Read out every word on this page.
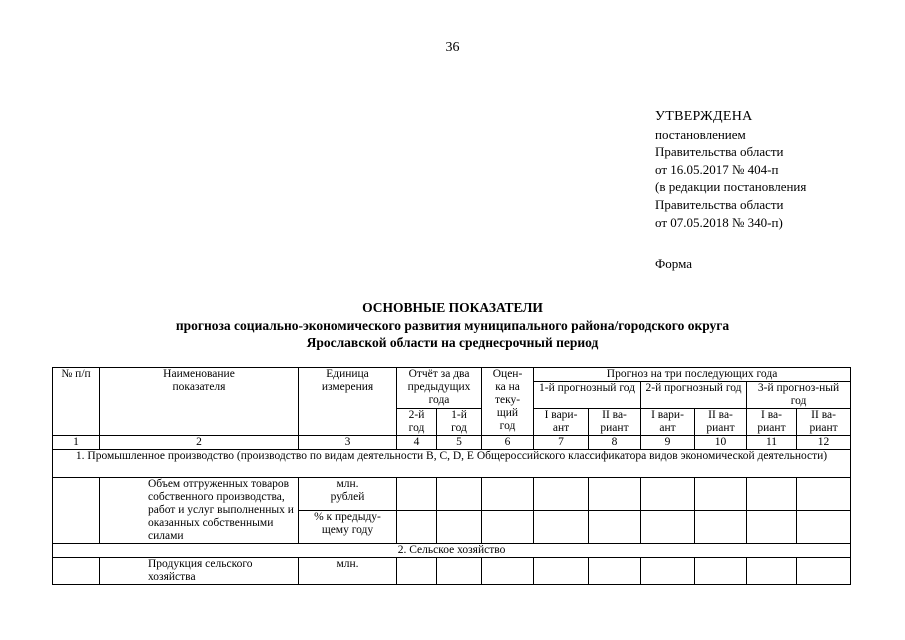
36
УТВЕРЖДЕНА
постановлением
Правительства области
от 16.05.2017 № 404-п
(в редакции постановления
Правительства области
от 07.05.2018 № 340-п)
Форма
ОСНОВНЫЕ ПОКАЗАТЕЛИ
прогноза социально-экономического развития муниципального района/городского округа
Ярославской области на среднесрочный период
№ п/п	Наименование показателя	Единица измерения	Отчёт за два предыдущих года		Оцен-ка на теку-щий год	Прогноз на три последующих года					
						1-й прогнозный год		2-й прогнозный год		3-й прогноз-ный год	
			2-й год	1-й год		I вари-ант	II ва-риант	I вари-ант	II ва-риант	I ва-риант	II ва-риант

1	2	3	4	5	6	7	8	9	10	11	12
1. Промышленное производство (производство по видам деятельности B, C, D, E Общероссийского классификатора видов экономической деятельности)											
	Объем отгруженных товаров собственного производства, работ и услуг выполненных и оказанных собственными силами	млн. рублей									
		% к предыду-щему году									
2. Сельское хозяйство											
	Продукция сельского хозяйства	млн.									
